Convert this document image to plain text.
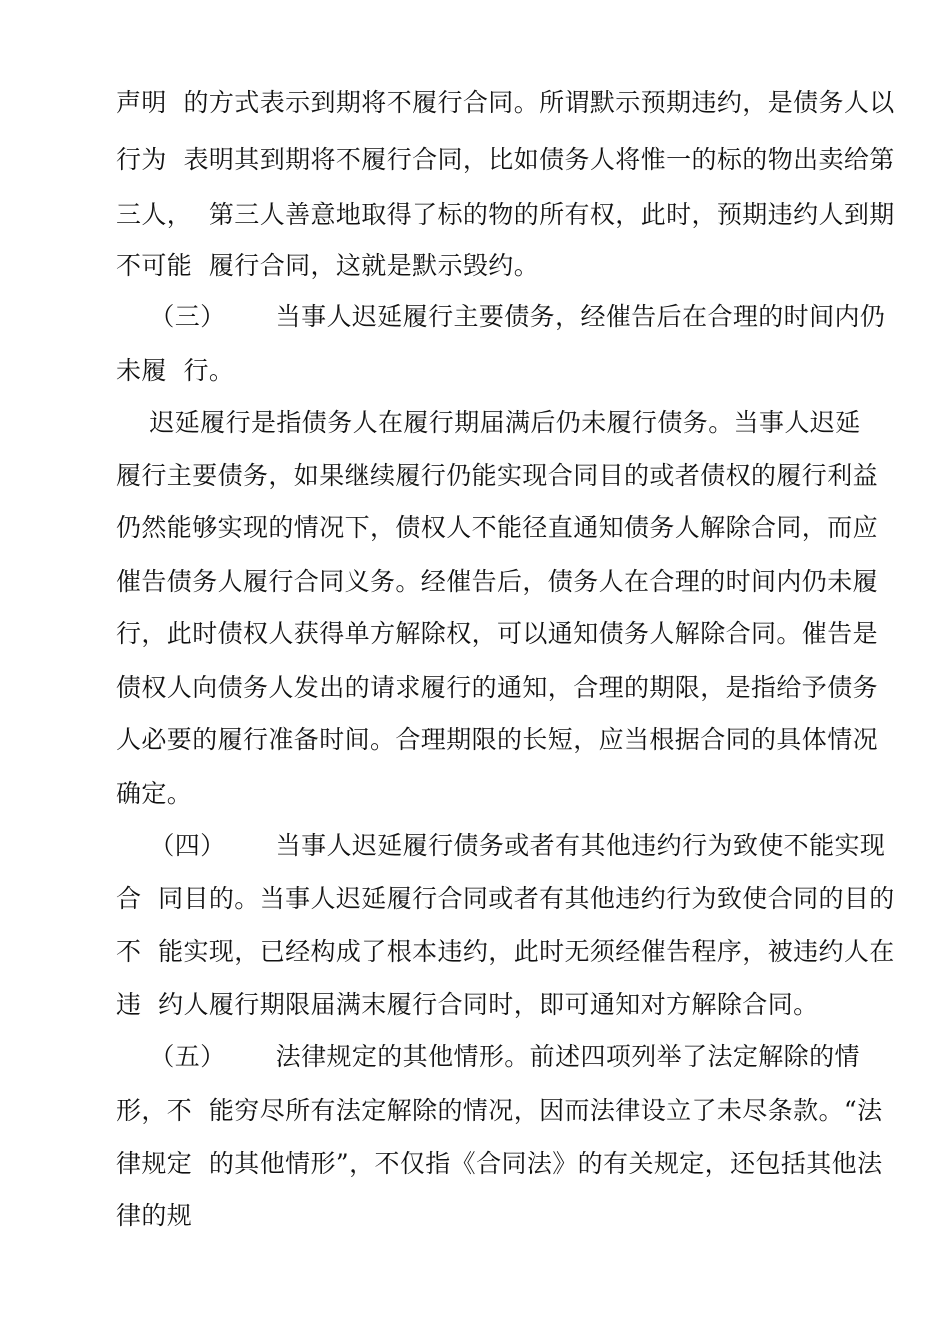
声明  的方式表示到期将不履行合同。所谓默示预期违约，是债务人以
行为  表明其到期将不履行合同，比如债务人将惟一的标的物出卖给第
三人，  第三人善意地取得了标的物的所有权，此时，预期违约人到期
不可能  履行合同，这就是默示毁约。
（三）      当事人迟延履行主要债务，经催告后在合理的时间内仍
未履  行。
迟延履行是指债务人在履行期届满后仍未履行债务。当事人迟延
履行主要债务，如果继续履行仍能实现合同目的或者债权的履行利益
仍然能够实现的情况下，债权人不能径直通知债务人解除合同，而应
催告债务人履行合同义务。经催告后，债务人在合理的时间内仍未履
行，此时债权人获得单方解除权，可以通知债务人解除合同。催告是
债权人向债务人发出的请求履行的通知，合理的期限，是指给予债务
人必要的履行准备时间。合理期限的长短，应当根据合同的具体情况
确定。
（四）      当事人迟延履行债务或者有其他违约行为致使不能实现
合  同目的。当事人迟延履行合同或者有其他违约行为致使合同的目的
不  能实现，已经构成了根本违约，此时无须经催告程序，被违约人在
违  约人履行期限届满末履行合同时，即可通知对方解除合同。
（五）      法律规定的其他情形。前述四项列举了法定解除的情
形，不  能穷尽所有法定解除的情况，因而法律设立了未尽条款。“法
律规定  的其他情形”，不仅指《合同法》的有关规定，还包括其他法
律的规
